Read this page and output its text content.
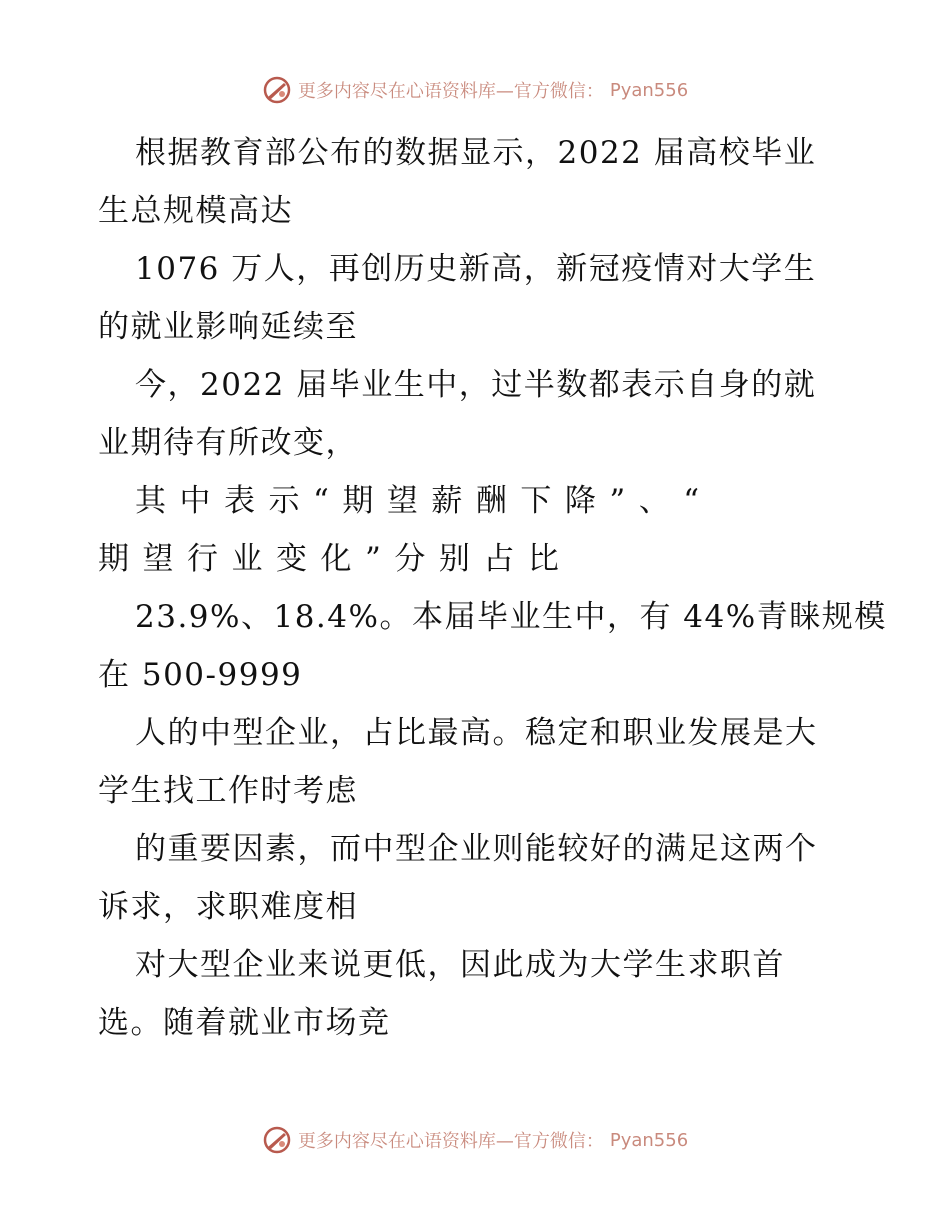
更多内容尽在心语资料库—官方微信： Pyan556

根据教育部公布的数据显示，2022 届高校毕业
生总规模高达

1076 万人，再创历史新高，新冠疫情对大学生
的就业影响延续至

今，2022 届毕业生中，过半数都表示自身的就
业期待有所改变，

其中表示“期望薪酬下降”、“
期望行业变化”分别占比

23.9%、18.4%。本届毕业生中，有 44%青睐规模
在 500-9999

人的中型企业，占比最高。稳定和职业发展是大
学生找工作时考虑

的重要因素，而中型企业则能较好的满足这两个
诉求，求职难度相

对大型企业来说更低，因此成为大学生求职首
选。随着就业市场竞

更多内容尽在心语资料库—官方微信： Pyan556
